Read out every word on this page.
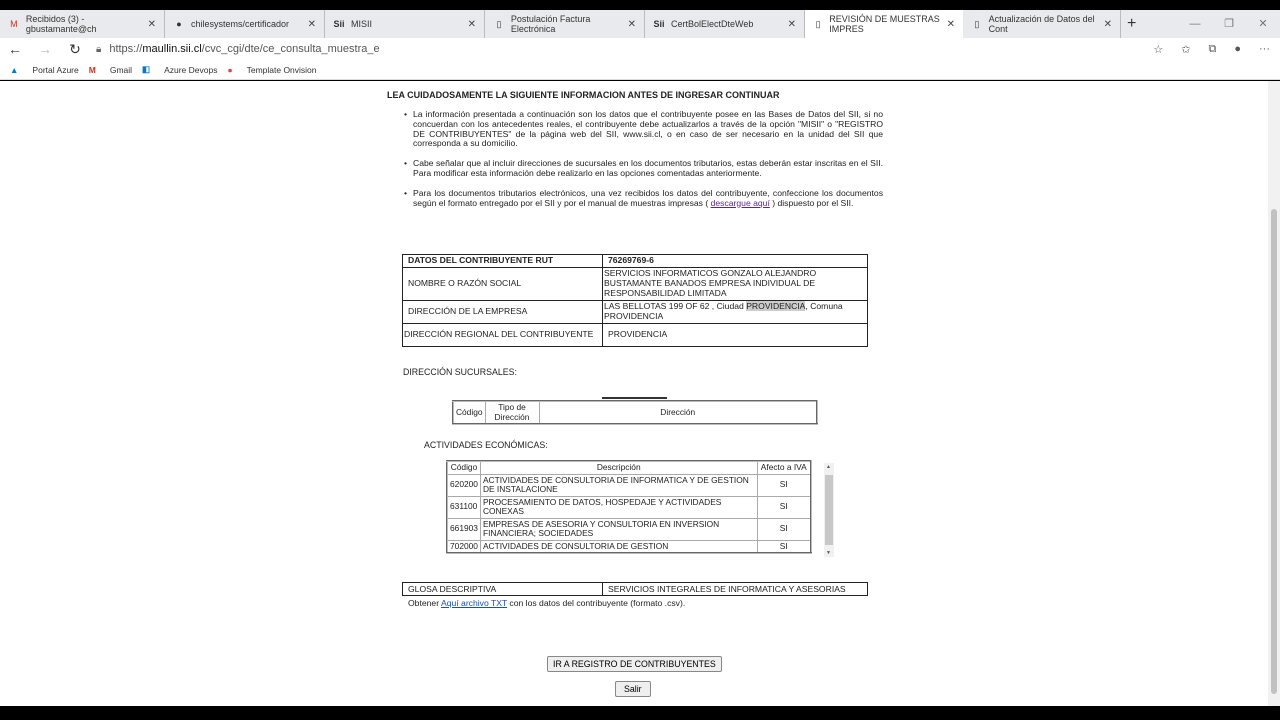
M Recibidos (3) - gbustamante@ch	✕	●	chilesystems/certificador ✕ Sii MISII	✕	▯	Postulación Factura Electrónica	✕ Sii CertBolElectDteWeb	✕ ▯ REVISIÓN DE MUESTRAS IMPRES	✕	▯	Actualización de Datos del Cont	✕ +	—	❐	✕
←	→	↻	🔒︎ https://maullin.sii.cl/cvc_cgi/dte/ce_consulta_muestra_e	☆ ✩ ⧉ ● ···
▲ Portal Azure M Gmail ◧ Azure Devops ● Template Onvision
LEA CUIDADOSAMENTE LA SIGUIENTE INFORMACION ANTES DE INGRESAR CONTINUAR
• La información presentada a continuación son los datos que el contribuyente posee en las Bases de Datos del SII, si no concuerdan con los antecedentes reales, el contribuyente debe actualizarlos a través de la opción "MISII" o "REGISTRO DE CONTRIBUYENTES" de la página web del SII, www.sii.cl, o en caso de ser necesario en la unidad del SII que corresponda a su domicilio.
• Cabe señalar que al incluir direcciones de sucursales en los documentos tributarios, estas deberán estar inscritas en el SII. Para modificar esta información debe realizarlo en las opciones comentadas anteriormente.
• Para los documentos tributarios electrónicos, una vez recibidos los datos del contribuyente, confeccione los documentos según el formato entregado por el SII y por el manual de muestras impresas ( descargue aquí ) dispuesto por el SII.
DATOS DEL CONTRIBUYENTE RUT	76269769-6
NOMBRE O RAZÓN SOCIAL	SERVICIOS INFORMATICOS GONZALO ALEJANDRO BUSTAMANTE BANADOS EMPRESA INDIVIDUAL DE RESPONSABILIDAD LIMITADA
DIRECCIÓN DE LA EMPRESA	LAS BELLOTAS 199 OF 62 , Ciudad PROVIDENCIA, Comuna PROVIDENCIA
DIRECCIÓN REGIONAL DEL CONTRIBUYENTE	PROVIDENCIA
DIRECCIÓN SUCURSALES:
Código	Tipo de Dirección	Dirección
ACTIVIDADES ECONÓMICAS:
Código	Descripción	Afecto a IVA
620200	ACTIVIDADES DE CONSULTORIA DE INFORMATICA Y DE GESTION DE INSTALACIONE	SI
631100	PROCESAMIENTO DE DATOS, HOSPEDAJE Y ACTIVIDADES CONEXAS	SI
661903	EMPRESAS DE ASESORIA Y CONSULTORIA EN INVERSION FINANCIERA; SOCIEDADES	SI
702000	ACTIVIDADES DE CONSULTORIA DE GESTION	SI
▲
▼
GLOSA DESCRIPTIVA	SERVICIOS INTEGRALES DE INFORMATICA Y ASESORIAS
Obtener Aquí archivo TXT con los datos del contribuyente (formato .csv).
IR A REGISTRO DE CONTRIBUYENTES
Salir
